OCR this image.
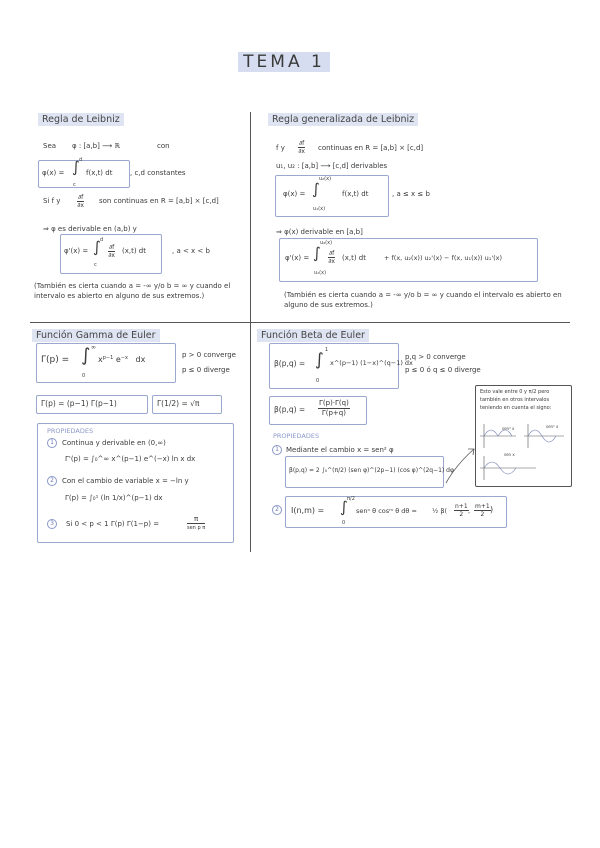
TEMA 1
Regla de Leibniz
Sea φ : [a,b] ⟶ ℝ	con
φ(x) = ∫ d
c
f(x,t) dt	, c,d constantes
Si f y	$\frac{\partial f}{\partial x}$ son continuas en R = [a,b] × [c,d]
⇒ φ es derivable en (a,b) y
φ'(x) = ∫ d
c
$\frac{\partial f}{\partial x} (x,t)$ dt	, a < x < b
(También es cierta cuando a = -∞ y/o b = ∞ y cuando el intervalo es abierto en alguno de sus extremos.)
Regla generalizada de Leibniz
f y $\frac{\partial f}{\partial x}$ continuas en R = [a,b] × [c,d]
u₁, u₂ : [a,b] ⟶ [c,d] derivables
φ(x) = ∫
u₂(x)
u₁(x)
f(x,t) dt	, a ≤ x ≤ b
⇒ φ(x) derivable en [a,b]
φ'(x) = ∫
u₂(x)
u₁(x)
$\frac{\partial f}{\partial x} (x,t)$ dt	+ f(x, u₂(x)) u₂'(x) − f(x, u₁(x)) u₁'(x)
(También es cierta cuando a = -∞ y/o b = ∞ y cuando el intervalo es abierto en alguno de sus extremos.)
Función Gamma de Euler
Γ(p) = ∫ ∞
0
$x^{p-1}$ $e^{-x}$ dx	p > 0 converge
p ≤ 0 diverge
Γ(p) = (p−1) Γ(p−1)	Γ(1/2) = √π
PROPIEDADES
1	Continua y derivable en (0,∞)
Γ'(p) = ∫₀^∞ x^(p−1) e^(−x) ln x dx
2	Con el cambio de variable x = −ln y
Γ(p) = ∫₀¹ (ln 1/x)^(p−1) dx
3	Si 0 < p < 1 Γ(p) Γ(1−p) =
π
sen p π
Función Beta de Euler
β(p,q) = ∫ 1
0
x^(p−1) (1−x)^(q−1) dx
p,q > 0 converge
p ≤ 0 ó q ≤ 0 diverge
$\beta(p,q) = \frac{\Gamma(p)\cdot\Gamma(q)}{\Gamma(p+q)}$
PROPIEDADES
1	Mediante el cambio x = sen² φ
β(p,q) = 2 ∫₀^(π/2) (sen φ)^(2p−1) (cos φ)^(2q−1) dφ
2	I(n,m) = ∫ π/2
0
senⁿ θ cosᵐ θ dθ = ½ $\beta( \frac{n+1}{2}$ , $\frac{m+1}{2}$ )
Esto vale entre 0 y π/2 pero también en otros intervalos teniendo en cuenta el signo:
sen² x
sen x
sen³ x
